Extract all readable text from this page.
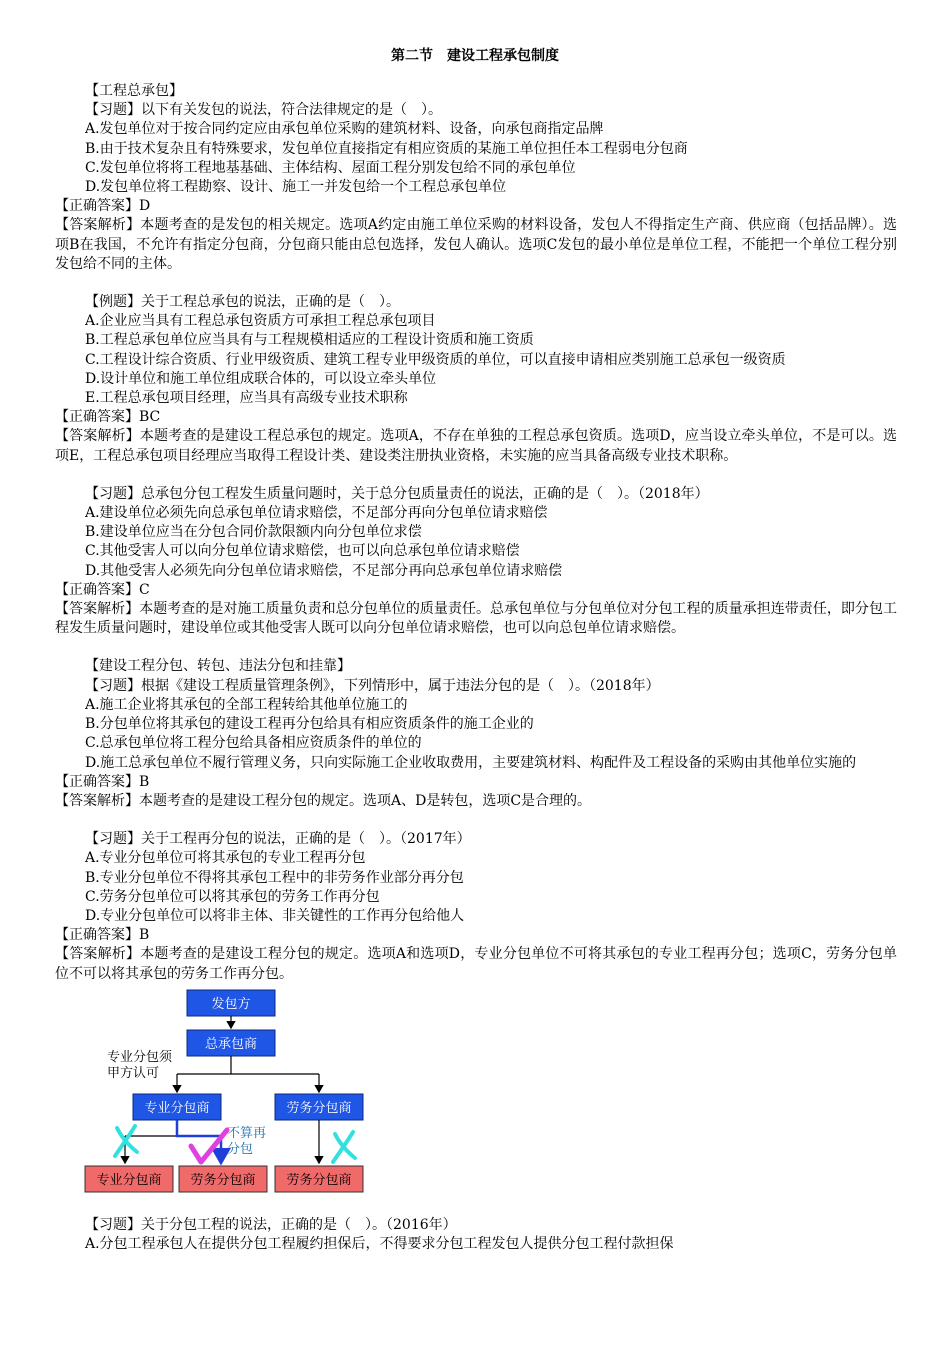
第二节　建设工程承包制度
【工程总承包】
【习题】以下有关发包的说法，符合法律规定的是（　）。
A.发包单位对于按合同约定应由承包单位采购的建筑材料、设备，向承包商指定品牌
B.由于技术复杂且有特殊要求，发包单位直接指定有相应资质的某施工单位担任本工程弱电分包商
C.发包单位将将工程地基基础、主体结构、屋面工程分别发包给不同的承包单位
D.发包单位将工程勘察、设计、施工一并发包给一个工程总承包单位
【正确答案】D
【答案解析】本题考查的是发包的相关规定。选项A约定由施工单位采购的材料设备，发包人不得指定生产商、供应商（包括品牌）。选项B在我国，不允许有指定分包商，分包商只能由总包选择，发包人确认。选项C发包的最小单位是单位工程，不能把一个单位工程分别发包给不同的主体。
【例题】关于工程总承包的说法，正确的是（　）。
A.企业应当具有工程总承包资质方可承担工程总承包项目
B.工程总承包单位应当具有与工程规模相适应的工程设计资质和施工资质
C.工程设计综合资质、行业甲级资质、建筑工程专业甲级资质的单位，可以直接申请相应类别施工总承包一级资质
D.设计单位和施工单位组成联合体的，可以设立牵头单位
E.工程总承包项目经理，应当具有高级专业技术职称
【正确答案】BC
【答案解析】本题考查的是建设工程总承包的规定。选项A，不存在单独的工程总承包资质。选项D，应当设立牵头单位，不是可以。选项E，工程总承包项目经理应当取得工程设计类、建设类注册执业资格，未实施的应当具备高级专业技术职称。
【习题】总承包分包工程发生质量问题时，关于总分包质量责任的说法，正确的是（　）。（2018年）
A.建设单位必须先向总承包单位请求赔偿，不足部分再向分包单位请求赔偿
B.建设单位应当在分包合同价款限额内向分包单位求偿
C.其他受害人可以向分包单位请求赔偿，也可以向总承包单位请求赔偿
D.其他受害人必须先向分包单位请求赔偿，不足部分再向总承包单位请求赔偿
【正确答案】C
【答案解析】本题考查的是对施工质量负责和总分包单位的质量责任。总承包单位与分包单位对分包工程的质量承担连带责任，即分包工程发生质量问题时，建设单位或其他受害人既可以向分包单位请求赔偿，也可以向总包单位请求赔偿。
【建设工程分包、转包、违法分包和挂靠】
【习题】根据《建设工程质量管理条例》，下列情形中，属于违法分包的是（　）。（2018年）
A.施工企业将其承包的全部工程转给其他单位施工的
B.分包单位将其承包的建设工程再分包给具有相应资质条件的施工企业的
C.总承包单位将工程分包给具备相应资质条件的单位的
D.施工总承包单位不履行管理义务，只向实际施工企业收取费用，主要建筑材料、构配件及工程设备的采购由其他单位实施的
【正确答案】B
【答案解析】本题考查的是建设工程分包的规定。选项A、D是转包，选项C是合理的。
【习题】关于工程再分包的说法，正确的是（　）。（2017年）
A.专业分包单位可将其承包的专业工程再分包
B.专业分包单位不得将其承包工程中的非劳务作业部分再分包
C.劳务分包单位可以将其承包的劳务工作再分包
D.专业分包单位可以将非主体、非关键性的工作再分包给他人
【正确答案】B
【答案解析】本题考查的是建设工程分包的规定。选项A和选项D，专业分包单位不可将其承包的专业工程再分包；选项C，劳务分包单位不可以将其承包的劳务工作再分包。
发包方
总承包商
专业分包须
甲方认可
专业分包商	劳务分包商
不算再
分包
专业分包商 劳务分包商 劳务分包商
【习题】关于分包工程的说法，正确的是（　）。（2016年）
A.分包工程承包人在提供分包工程履约担保后，不得要求分包工程发包人提供分包工程付款担保
